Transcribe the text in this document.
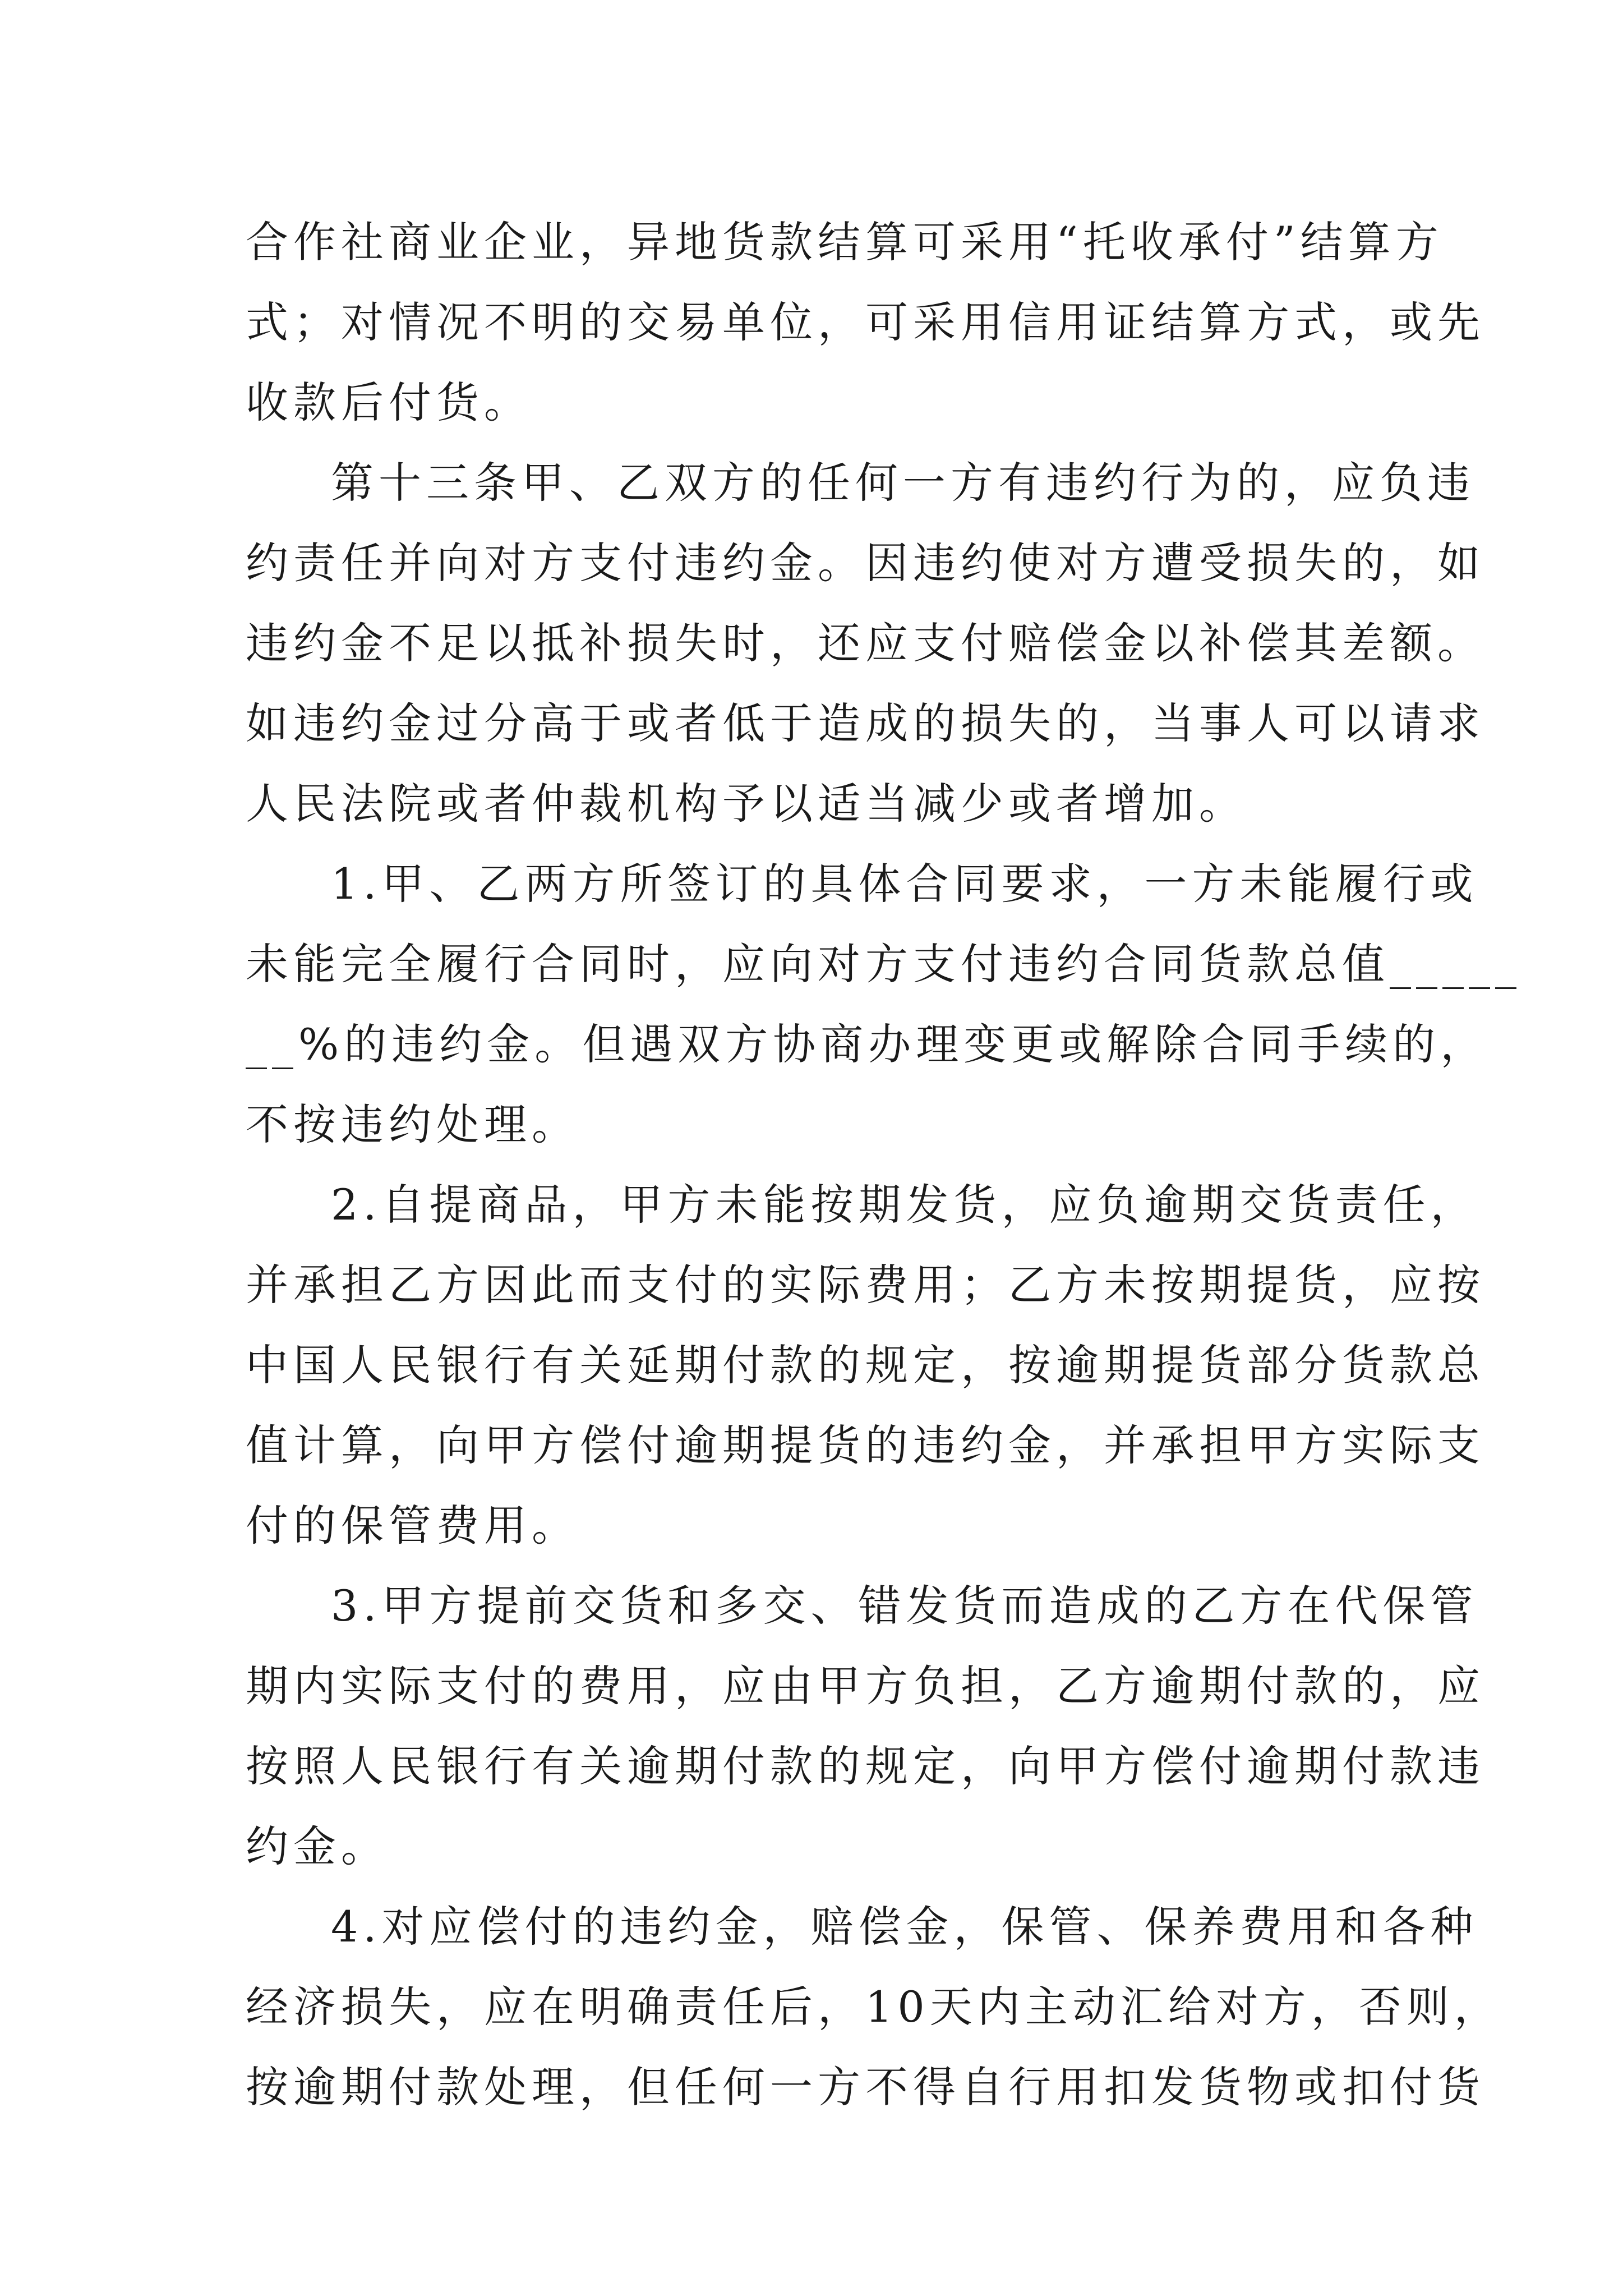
合作社商业企业，异地货款结算可采用“托收承付”结算方
式；对情况不明的交易单位，可采用信用证结算方式，或先
收款后付货。
第十三条甲、乙双方的任何一方有违约行为的，应负违
约责任并向对方支付违约金。因违约使对方遭受损失的，如
违约金不足以抵补损失时，还应支付赔偿金以补偿其差额。
如违约金过分高于或者低于造成的损失的，当事人可以请求
人民法院或者仲裁机构予以适当减少或者增加。
1.甲、乙两方所签订的具体合同要求，一方未能履行或
未能完全履行合同时，应向对方支付违约合同货款总值_____
__%的违约金。但遇双方协商办理变更或解除合同手续的，
不按违约处理。
2.自提商品，甲方未能按期发货，应负逾期交货责任，
并承担乙方因此而支付的实际费用；乙方未按期提货，应按
中国人民银行有关延期付款的规定，按逾期提货部分货款总
值计算，向甲方偿付逾期提货的违约金，并承担甲方实际支
付的保管费用。
3.甲方提前交货和多交、错发货而造成的乙方在代保管
期内实际支付的费用，应由甲方负担，乙方逾期付款的，应
按照人民银行有关逾期付款的规定，向甲方偿付逾期付款违
约金。
4.对应偿付的违约金，赔偿金，保管、保养费用和各种
经济损失，应在明确责任后，10天内主动汇给对方，否则，
按逾期付款处理，但任何一方不得自行用扣发货物或扣付货
